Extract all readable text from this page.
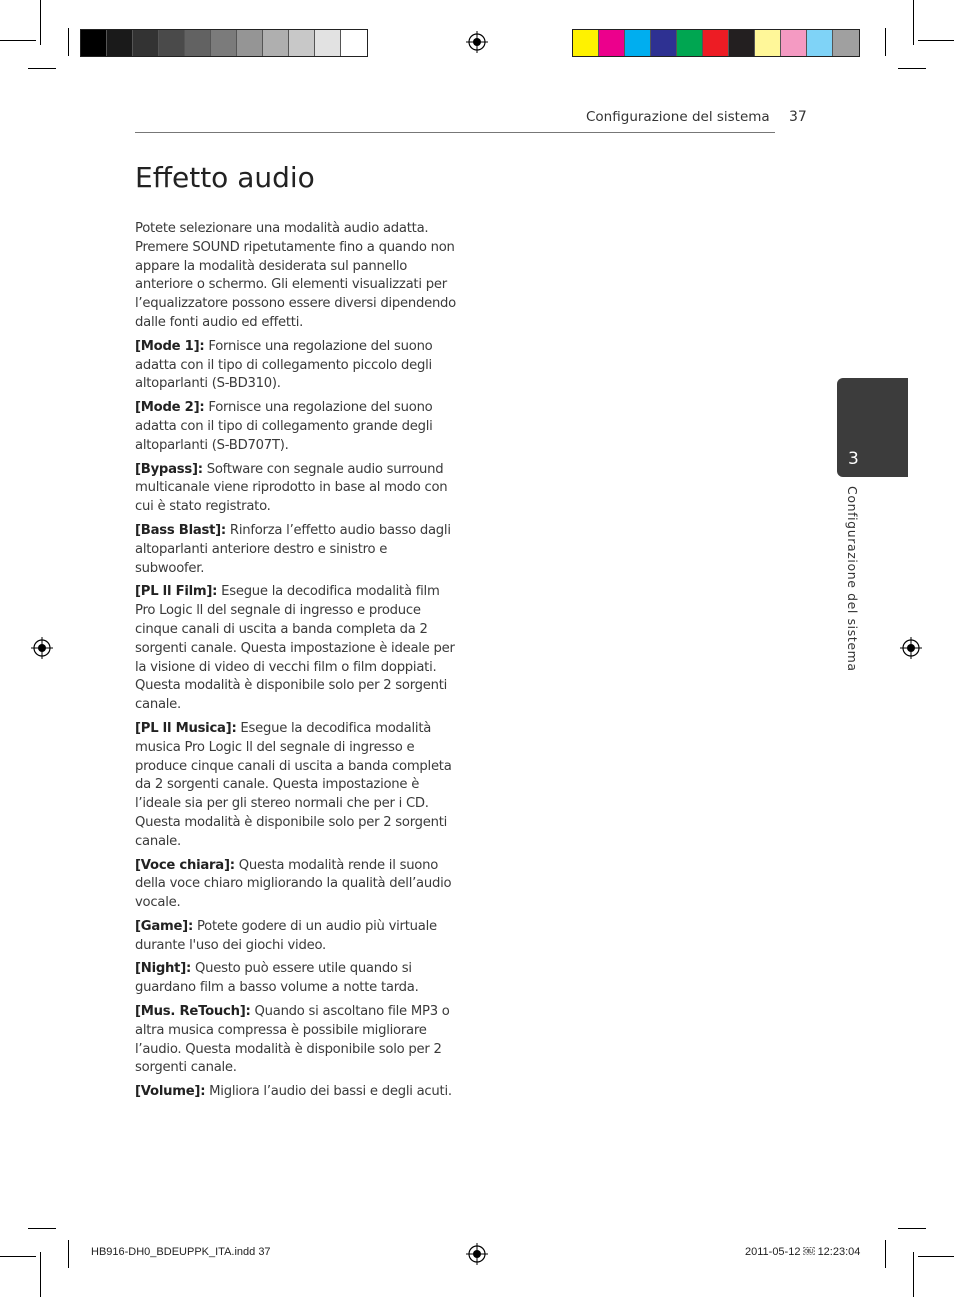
Configurazione del sistema 37
Effetto audio

Potete selezionare una modalità audio adatta. Premere SOUND ripetutamente fino a quando non appare la modalità desiderata sul pannello anteriore o schermo. Gli elementi visualizzati per l’equalizzatore possono essere diversi dipendendo dalle fonti audio ed effetti.

[Mode 1]: Fornisce una regolazione del suono adatta con il tipo di collegamento piccolo degli altoparlanti (S-BD310).

[Mode 2]: Fornisce una regolazione del suono adatta con il tipo di collegamento grande degli altoparlanti (S-BD707T).

[Bypass]: Software con segnale audio surround multicanale viene riprodotto in base al modo con cui è stato registrato.

[Bass Blast]: Rinforza l’effetto audio basso dagli altoparlanti anteriore destro e sinistro e subwoofer.

[PL ll Film]: Esegue la decodifica modalità film Pro Logic ll del segnale di ingresso e produce cinque canali di uscita a banda completa da 2 sorgenti canale. Questa impostazione è ideale per la visione di video di vecchi film o film doppiati. Questa modalità è disponibile solo per 2 sorgenti canale.

[PL ll Musica]: Esegue la decodifica modalità musica Pro Logic ll del segnale di ingresso e produce cinque canali di uscita a banda completa da 2 sorgenti canale. Questa impostazione è l’ideale sia per gli stereo normali che per i CD. Questa modalità è disponibile solo per 2 sorgenti canale.

[Voce chiara]: Questa modalità rende il suono della voce chiaro migliorando la qualità dell’audio vocale.

[Game]: Potete godere di un audio più virtuale durante l'uso dei giochi video.

[Night]: Questo può essere utile quando si guardano film a basso volume a notte tarda.

[Mus. ReTouch]: Quando si ascoltano file MP3 o altra musica compressa è possibile migliorare l’audio. Questa modalità è disponibile solo per 2 sorgenti canale.

[Volume]: Migliora l’audio dei bassi e degli acuti.

3
Configurazione del sistema
HB916-DH0_BDEUPPK_ITA.indd 37	2011-05-12 ￼ 12:23:04
